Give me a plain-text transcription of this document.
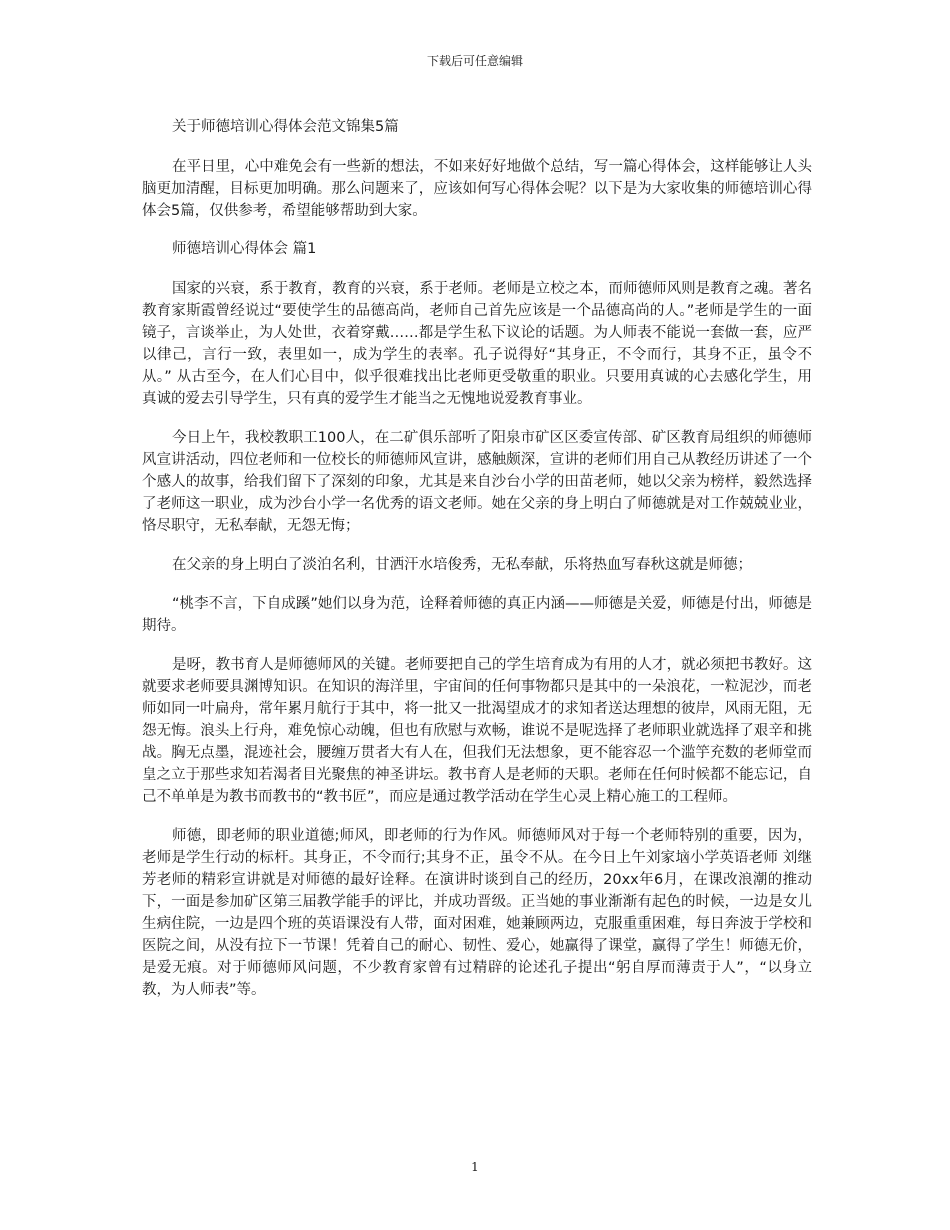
下载后可任意编辑

关于师德培训心得体会范文锦集5篇

在平日里，心中难免会有一些新的想法，不如来好好地做个总结，写一篇心得体会，这样能够让人头脑更加清醒，目标更加明确。那么问题来了，应该如何写心得体会呢？以下是为大家收集的师德培训心得体会5篇，仅供参考，希望能够帮助到大家。

师德培训心得体会 篇1

国家的兴衰，系于教育，教育的兴衰，系于老师。老师是立校之本，而师德师风则是教育之魂。著名教育家斯霞曾经说过“要使学生的品德高尚，老师自己首先应该是一个品德高尚的人。”老师是学生的一面镜子，言谈举止，为人处世，衣着穿戴……都是学生私下议论的话题。为人师表不能说一套做一套，应严以律己，言行一致，表里如一，成为学生的表率。孔子说得好“其身正，不令而行，其身不正，虽令不从。” 从古至今，在人们心目中，似乎很难找出比老师更受敬重的职业。只要用真诚的心去感化学生，用真诚的爱去引导学生，只有真的爱学生才能当之无愧地说爱教育事业。

今日上午，我校教职工100人，在二矿俱乐部听了阳泉市矿区区委宣传部、矿区教育局组织的师德师风宣讲活动，四位老师和一位校长的师德师风宣讲，感触颇深，宣讲的老师们用自己从教经历讲述了一个个感人的故事，给我们留下了深刻的印象，尤其是来自沙台小学的田苗老师，她以父亲为榜样，毅然选择了老师这一职业，成为沙台小学一名优秀的语文老师。她在父亲的身上明白了师德就是对工作兢兢业业，恪尽职守，无私奉献，无怨无悔；

在父亲的身上明白了淡泊名利，甘洒汗水培俊秀，无私奉献，乐将热血写春秋这就是师德；

“桃李不言，下自成蹊”她们以身为范，诠释着师德的真正内涵——师德是关爱，师德是付出，师德是期待。

是呀，教书育人是师德师风的关键。老师要把自己的学生培育成为有用的人才，就必须把书教好。这就要求老师要具渊博知识。在知识的海洋里，宇宙间的任何事物都只是其中的一朵浪花，一粒泥沙，而老师如同一叶扁舟，常年累月航行于其中，将一批又一批渴望成才的求知者送达理想的彼岸，风雨无阻，无怨无悔。浪头上行舟，难免惊心动魄，但也有欣慰与欢畅，谁说不是呢选择了老师职业就选择了艰辛和挑战。胸无点墨，混迹社会，腰缠万贯者大有人在，但我们无法想象，更不能容忍一个滥竽充数的老师堂而皇之立于那些求知若渴者目光聚焦的神圣讲坛。教书育人是老师的天职。老师在任何时候都不能忘记，自己不单单是为教书而教书的“教书匠”，而应是通过教学活动在学生心灵上精心施工的工程师。

师德，即老师的职业道德;师风，即老师的行为作风。师德师风对于每一个老师特别的重要，因为，老师是学生行动的标杆。其身正，不令而行;其身不正，虽令不从。在今日上午刘家垴小学英语老师 刘继芳老师的精彩宣讲就是对师德的最好诠释。在演讲时谈到自己的经历，20xx年6月，在课改浪潮的推动下，一面是参加矿区第三届教学能手的评比，并成功晋级。正当她的事业渐渐有起色的时候，一边是女儿生病住院，一边是四个班的英语课没有人带，面对困难，她兼顾两边，克服重重困难，每日奔波于学校和医院之间，从没有拉下一节课！凭着自己的耐心、韧性、爱心，她赢得了课堂，赢得了学生！师德无价，是爱无痕。对于师德师风问题，不少教育家曾有过精辟的论述孔子提出“躬自厚而薄责于人”，“以身立教，为人师表”等。

1
